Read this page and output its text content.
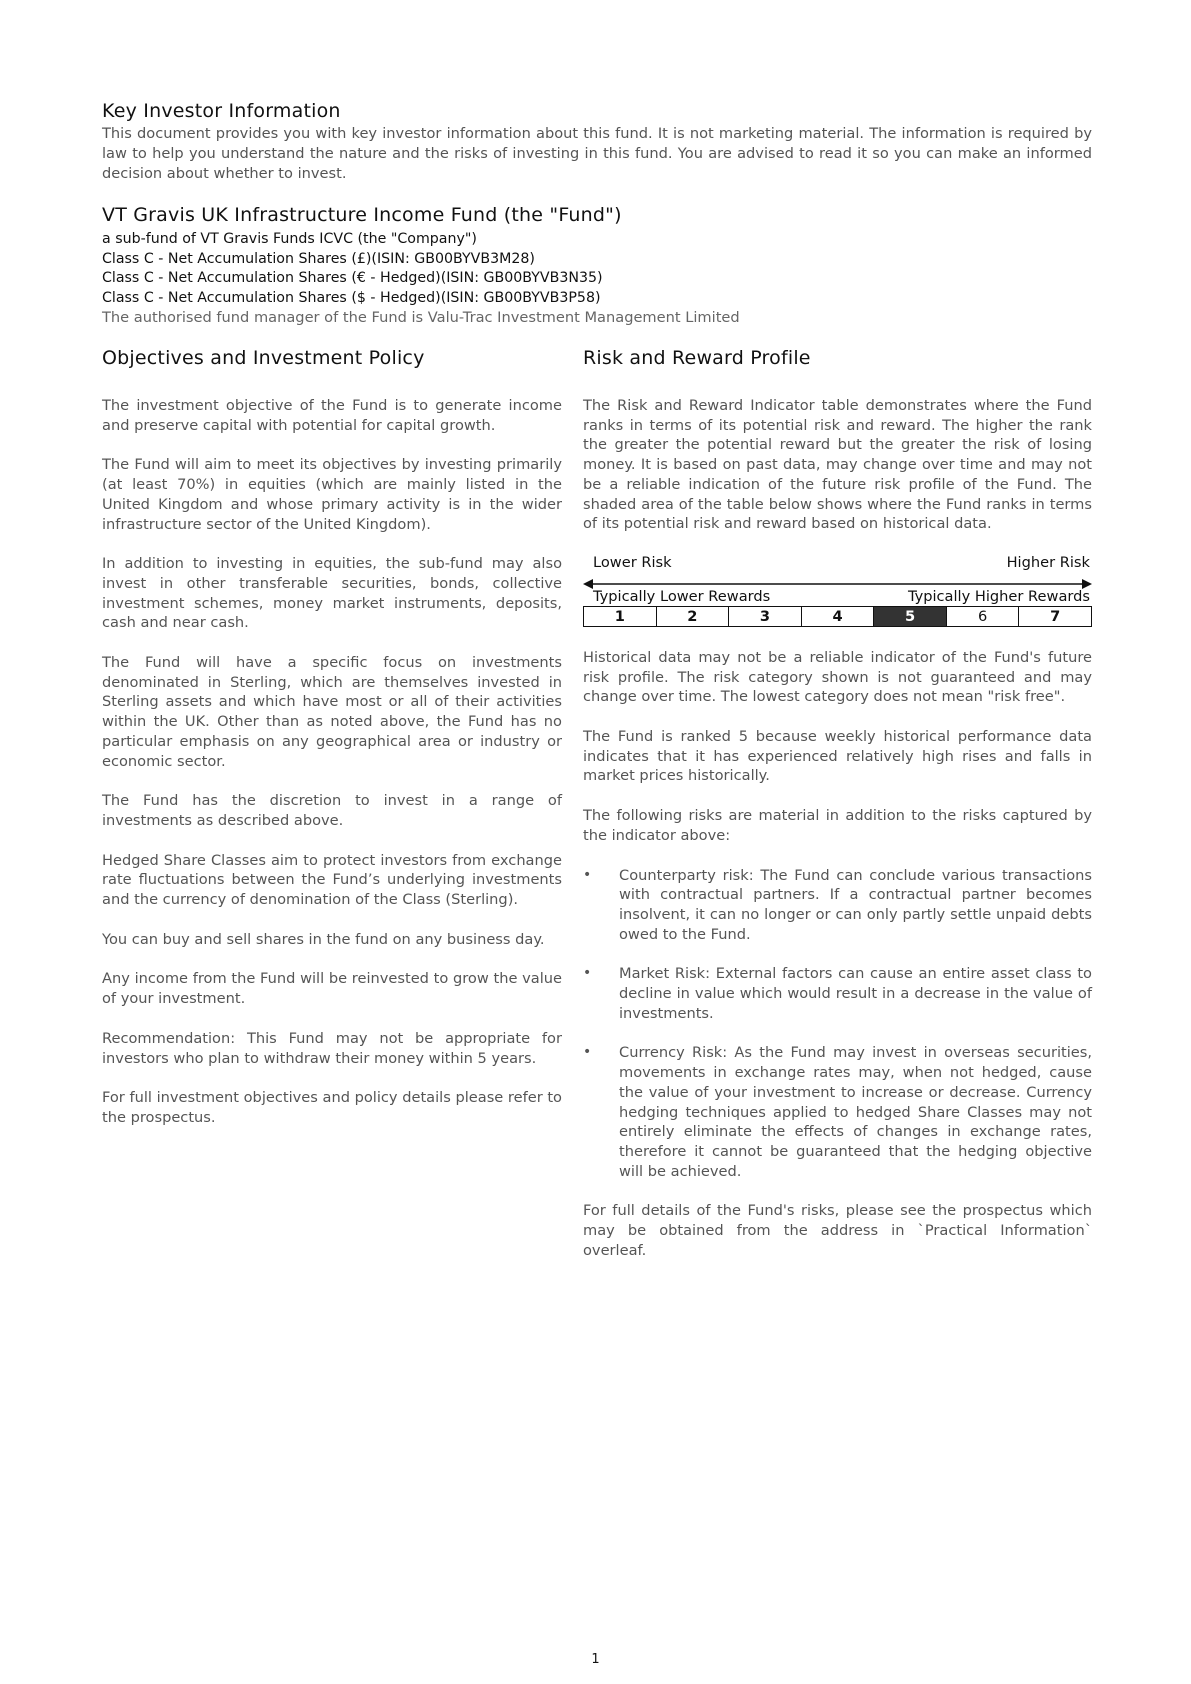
Key Investor Information

This document provides you with key investor information about this fund. It is not marketing material. The information is required by law to help you understand the nature and the risks of investing in this fund. You are advised to read it so you can make an informed decision about whether to invest.

VT Gravis UK Infrastructure Income Fund (the "Fund")

a sub-fund of VT Gravis Funds ICVC (the "Company")

Class C - Net Accumulation Shares (£)(ISIN: GB00BYVB3M28)

Class C - Net Accumulation Shares (€ - Hedged)(ISIN: GB00BYVB3N35)

Class C - Net Accumulation Shares ($ - Hedged)(ISIN: GB00BYVB3P58)

The authorised fund manager of the Fund is Valu-Trac Investment Management Limited

Objectives and Investment Policy

The investment objective of the Fund is to generate income and preserve capital with potential for capital growth.

The Fund will aim to meet its objectives by investing primarily (at least 70%) in equities (which are mainly listed in the United Kingdom and whose primary activity is in the wider infrastructure sector of the United Kingdom).

In addition to investing in equities, the sub-fund may also invest in other transferable securities, bonds, collective investment schemes, money market instruments, deposits, cash and near cash.

The Fund will have a specific focus on investments denominated in Sterling, which are themselves invested in Sterling assets and which have most or all of their activities within the UK. Other than as noted above, the Fund has no particular emphasis on any geographical area or industry or economic sector.

The Fund has the discretion to invest in a range of investments as described above.

Hedged Share Classes aim to protect investors from exchange rate fluctuations between the Fund’s underlying investments and the currency of denomination of the Class (Sterling).

You can buy and sell shares in the fund on any business day.

Any income from the Fund will be reinvested to grow the value of your investment.

Recommendation: This Fund may not be appropriate for investors who plan to withdraw their money within 5 years.

For full investment objectives and policy details please refer to the prospectus.

Risk and Reward Profile

The Risk and Reward Indicator table demonstrates where the Fund ranks in terms of its potential risk and reward. The higher the rank the greater the potential reward but the greater the risk of losing money. It is based on past data, may change over time and may not be a reliable indication of the future risk profile of the Fund. The shaded area of the table below shows where the Fund ranks in terms of its potential risk and reward based on historical data.

Lower Risk	Higher Risk
Typically Lower Rewards	Typically Higher Rewards
1	2	3	4	5	6	7

Historical data may not be a reliable indicator of the Fund's future risk profile. The risk category shown is not guaranteed and may change over time. The lowest category does not mean "risk free".

The Fund is ranked 5 because weekly historical performance data indicates that it has experienced relatively high rises and falls in market prices historically.

The following risks are material in addition to the risks captured by the indicator above:

• Counterparty risk: The Fund can conclude various transactions with contractual partners. If a contractual partner becomes insolvent, it can no longer or can only partly settle unpaid debts owed to the Fund.

• Market Risk: External factors can cause an entire asset class to decline in value which would result in a decrease in the value of investments.

• Currency Risk: As the Fund may invest in overseas securities, movements in exchange rates may, when not hedged, cause the value of your investment to increase or decrease. Currency hedging techniques applied to hedged Share Classes may not entirely eliminate the effects of changes in exchange rates, therefore it cannot be guaranteed that the hedging objective will be achieved.

For full details of the Fund's risks, please see the prospectus which may be obtained from the address in `Practical Information` overleaf.

1
